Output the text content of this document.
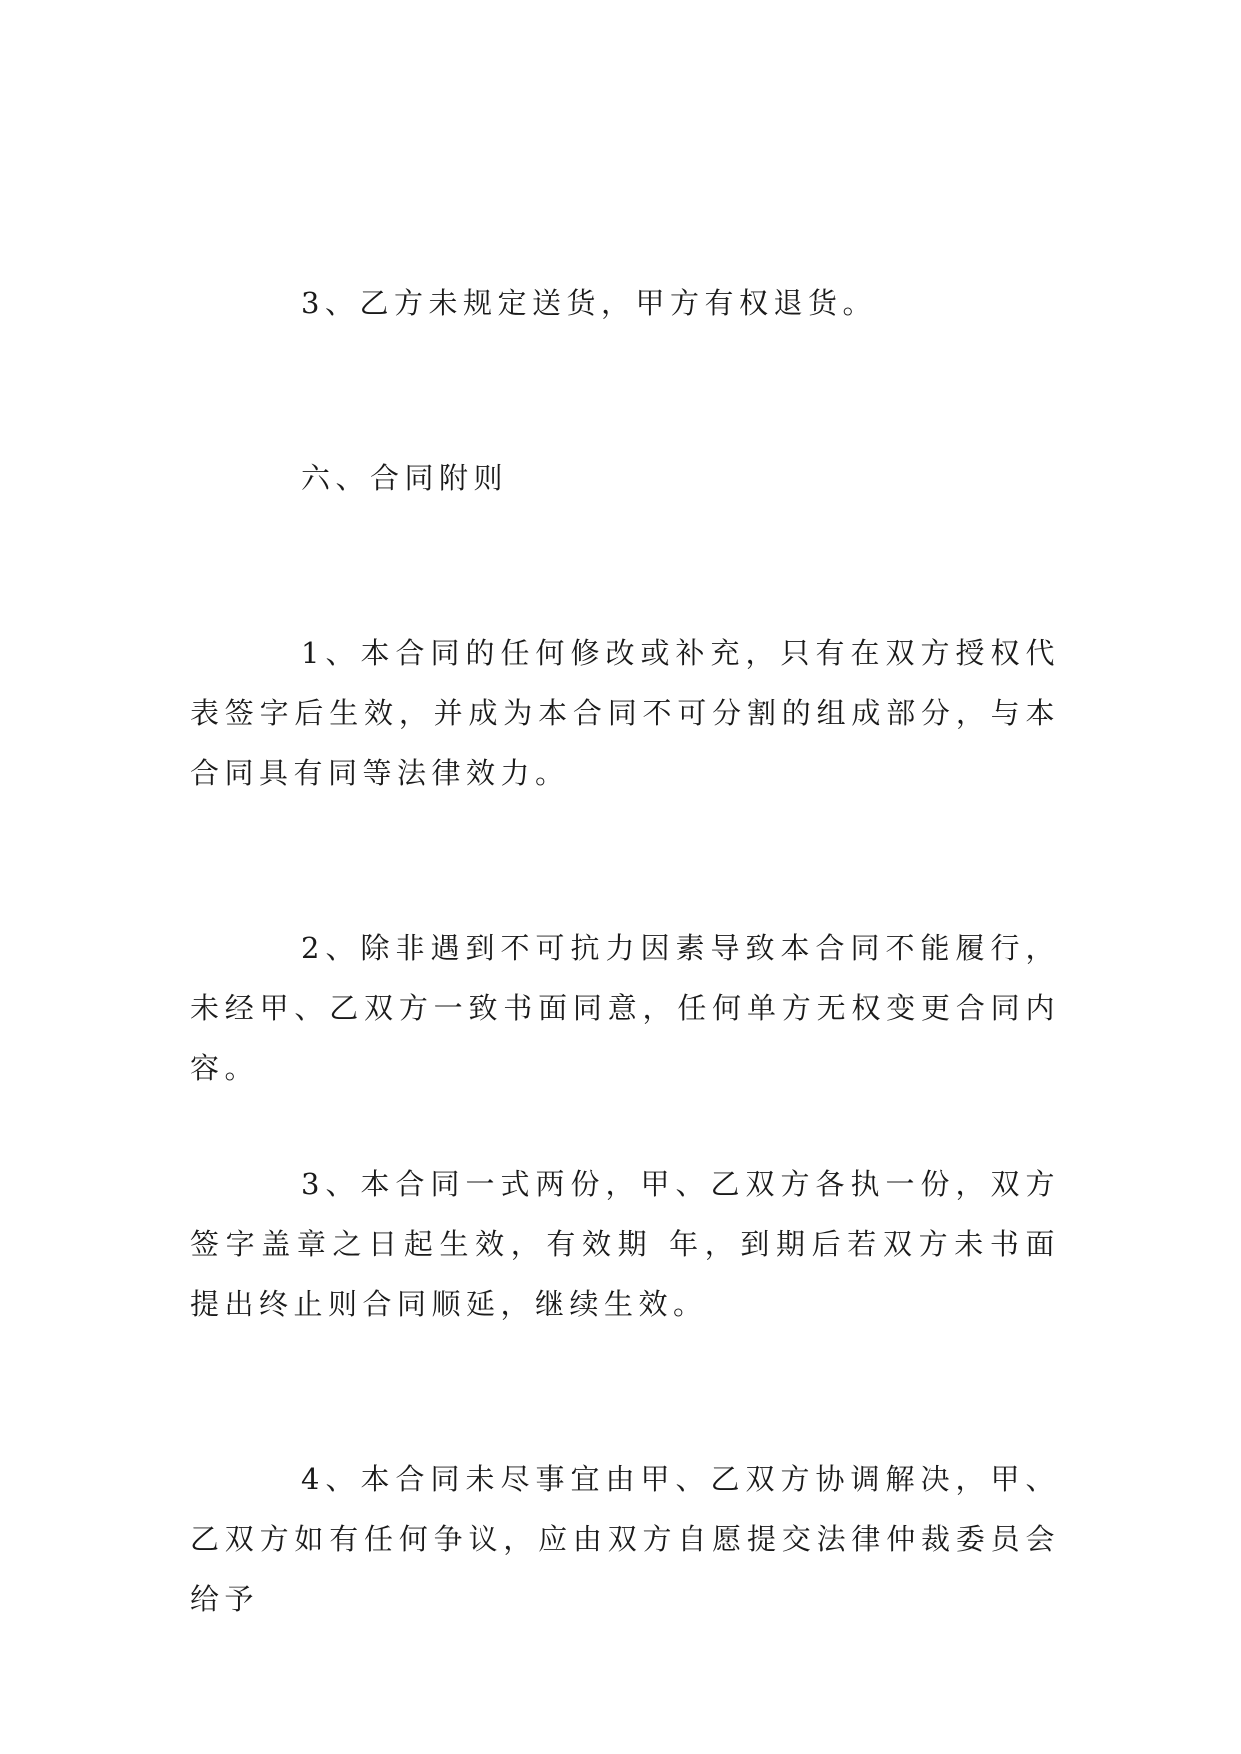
3、乙方未规定送货，甲方有权退货。

六、合同附则

1、本合同的任何修改或补充，只有在双方授权代表签字后生效，并成为本合同不可分割的组成部分，与本合同具有同等法律效力。

2、除非遇到不可抗力因素导致本合同不能履行，未经甲、乙双方一致书面同意，任何单方无权变更合同内容。

3、本合同一式两份，甲、乙双方各执一份，双方签字盖章之日起生效，有效期 年，到期后若双方未书面提出终止则合同顺延，继续生效。

4、本合同未尽事宜由甲、乙双方协调解决，甲、乙双方如有任何争议，应由双方自愿提交法律仲裁委员会给予
